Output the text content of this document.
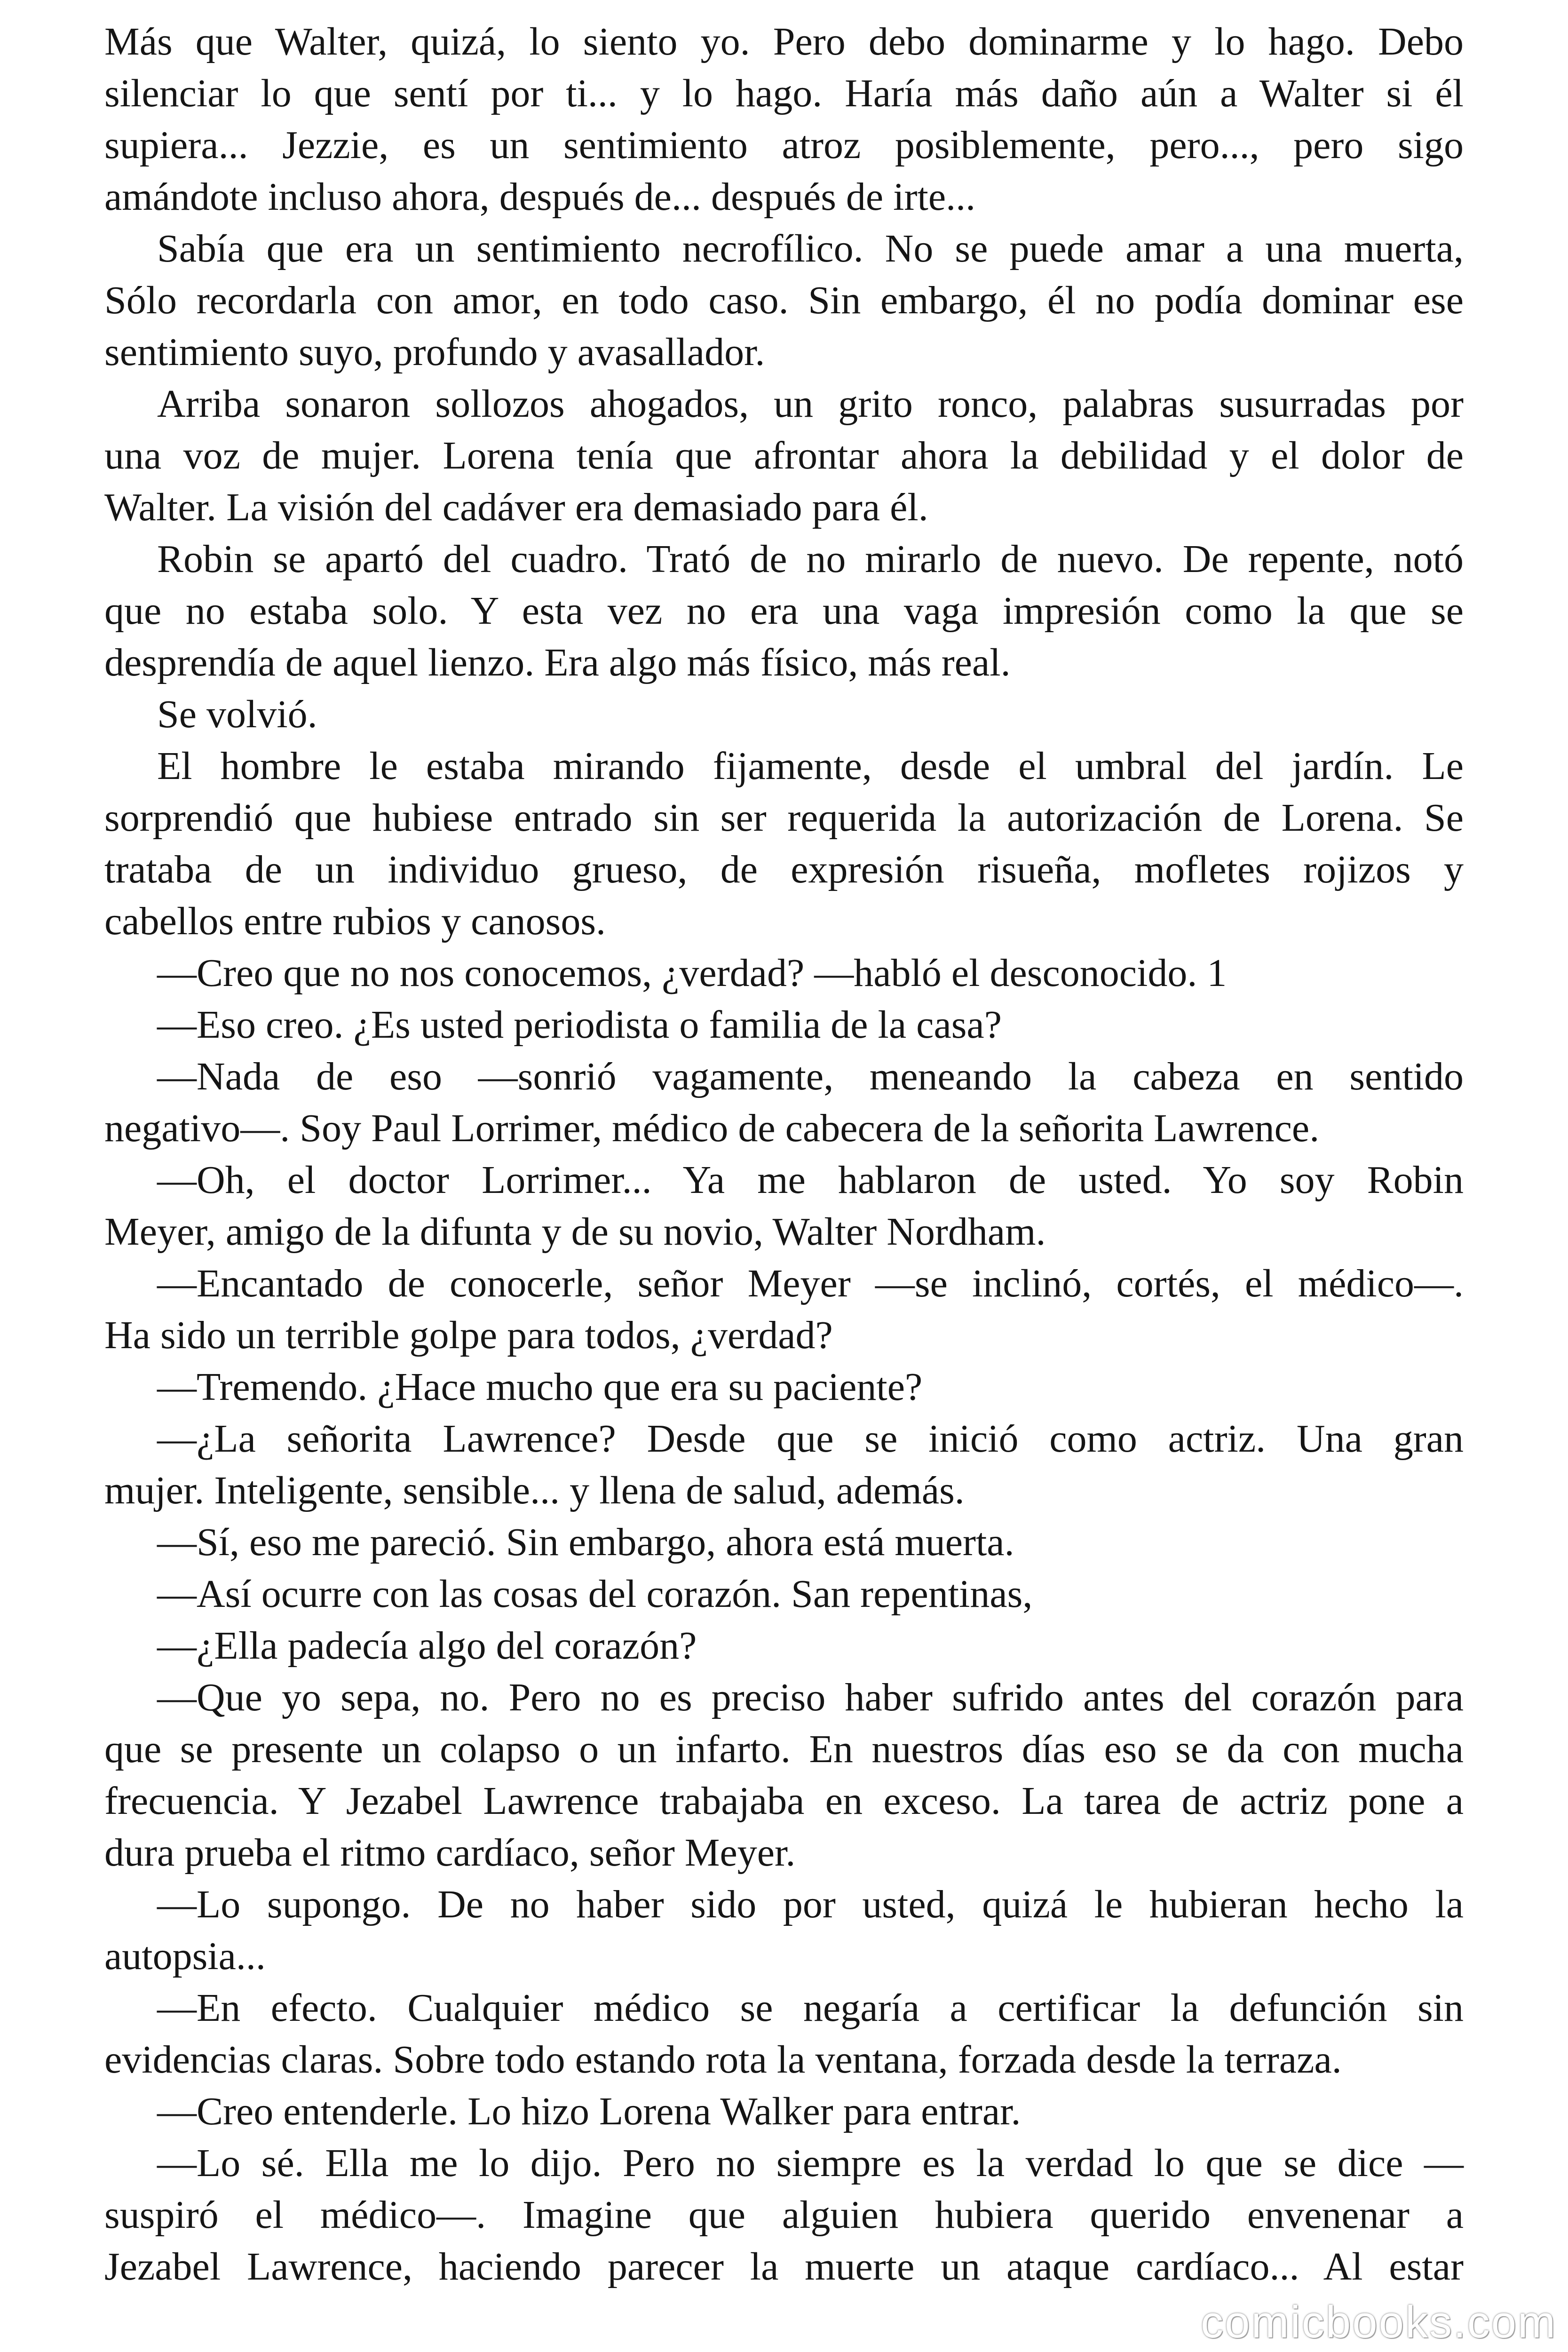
Más que Walter, quizá, lo siento yo. Pero debo dominarme y lo hago. Debo
silenciar lo que sentí por ti... y lo hago. Haría más daño aún a Walter si él
supiera... Jezzie, es un sentimiento atroz posiblemente, pero..., pero sigo
amándote incluso ahora, después de... después de irte...
Sabía que era un sentimiento necrofílico. No se puede amar a una muerta,
Sólo recordarla con amor, en todo caso. Sin embargo, él no podía dominar ese
sentimiento suyo, profundo y avasallador.
Arriba sonaron sollozos ahogados, un grito ronco, palabras susurradas por
una voz de mujer. Lorena tenía que afrontar ahora la debilidad y el dolor de
Walter. La visión del cadáver era demasiado para él.
Robin se apartó del cuadro. Trató de no mirarlo de nuevo. De repente, notó
que no estaba solo. Y esta vez no era una vaga impresión como la que se
desprendía de aquel lienzo. Era algo más físico, más real.
Se volvió.
El hombre le estaba mirando fijamente, desde el umbral del jardín. Le
sorprendió que hubiese entrado sin ser requerida la autorización de Lorena. Se
trataba de un individuo grueso, de expresión risueña, mofletes rojizos y
cabellos entre rubios y canosos.
—Creo que no nos conocemos, ¿verdad? —habló el desconocido. 1
—Eso creo. ¿Es usted periodista o familia de la casa?
—Nada de eso —sonrió vagamente, meneando la cabeza en sentido
negativo—. Soy Paul Lorrimer, médico de cabecera de la señorita Lawrence.
—Oh, el doctor Lorrimer... Ya me hablaron de usted. Yo soy Robin
Meyer, amigo de la difunta y de su novio, Walter Nordham.
—Encantado de conocerle, señor Meyer —se inclinó, cortés, el médico—.
Ha sido un terrible golpe para todos, ¿verdad?
—Tremendo. ¿Hace mucho que era su paciente?
—¿La señorita Lawrence? Desde que se inició como actriz. Una gran
mujer. Inteligente, sensible... y llena de salud, además.
—Sí, eso me pareció. Sin embargo, ahora está muerta.
—Así ocurre con las cosas del corazón. San repentinas,
—¿Ella padecía algo del corazón?
—Que yo sepa, no. Pero no es preciso haber sufrido antes del corazón para
que se presente un colapso o un infarto. En nuestros días eso se da con mucha
frecuencia. Y Jezabel Lawrence trabajaba en exceso. La tarea de actriz pone a
dura prueba el ritmo cardíaco, señor Meyer.
—Lo supongo. De no haber sido por usted, quizá le hubieran hecho la
autopsia...
—En efecto. Cualquier médico se negaría a certificar la defunción sin
evidencias claras. Sobre todo estando rota la ventana, forzada desde la terraza.
—Creo entenderle. Lo hizo Lorena Walker para entrar.
—Lo sé. Ella me lo dijo. Pero no siempre es la verdad lo que se dice —
suspiró el médico—. Imagine que alguien hubiera querido envenenar a
Jezabel Lawrence, haciendo parecer la muerte un ataque cardíaco... Al estar
comicbooks.com
